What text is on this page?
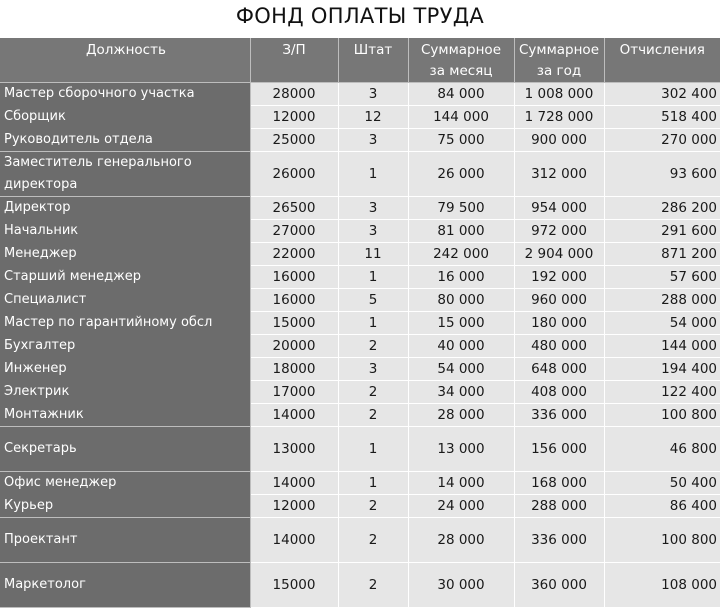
ФОНД ОПЛАТЫ ТРУДА
Должность	З/П	Штат	Суммарное за месяц	Суммарное за год	Отчисления
Мастер сборочного участка	28000	3	84 000	1 008 000	302 400
Сборщик	12000	12	144 000	1 728 000	518 400
Руководитель отдела	25000	3	75 000	900 000	270 000
Заместитель генерального директора	26000	1	26 000	312 000	93 600
Директор	26500	3	79 500	954 000	286 200
Начальник	27000	3	81 000	972 000	291 600
Менеджер	22000	11	242 000	2 904 000	871 200
Старший менеджер	16000	1	16 000	192 000	57 600
Специалист	16000	5	80 000	960 000	288 000
Мастер по гарантийному обсл	15000	1	15 000	180 000	54 000
Бухгалтер	20000	2	40 000	480 000	144 000
Инженер	18000	3	54 000	648 000	194 400
Электрик	17000	2	34 000	408 000	122 400
Монтажник	14000	2	28 000	336 000	100 800
Секретарь	13000	1	13 000	156 000	46 800
Офис менеджер	14000	1	14 000	168 000	50 400
Курьер	12000	2	24 000	288 000	86 400
Проектант	14000	2	28 000	336 000	100 800
Маркетолог	15000	2	30 000	360 000	108 000
